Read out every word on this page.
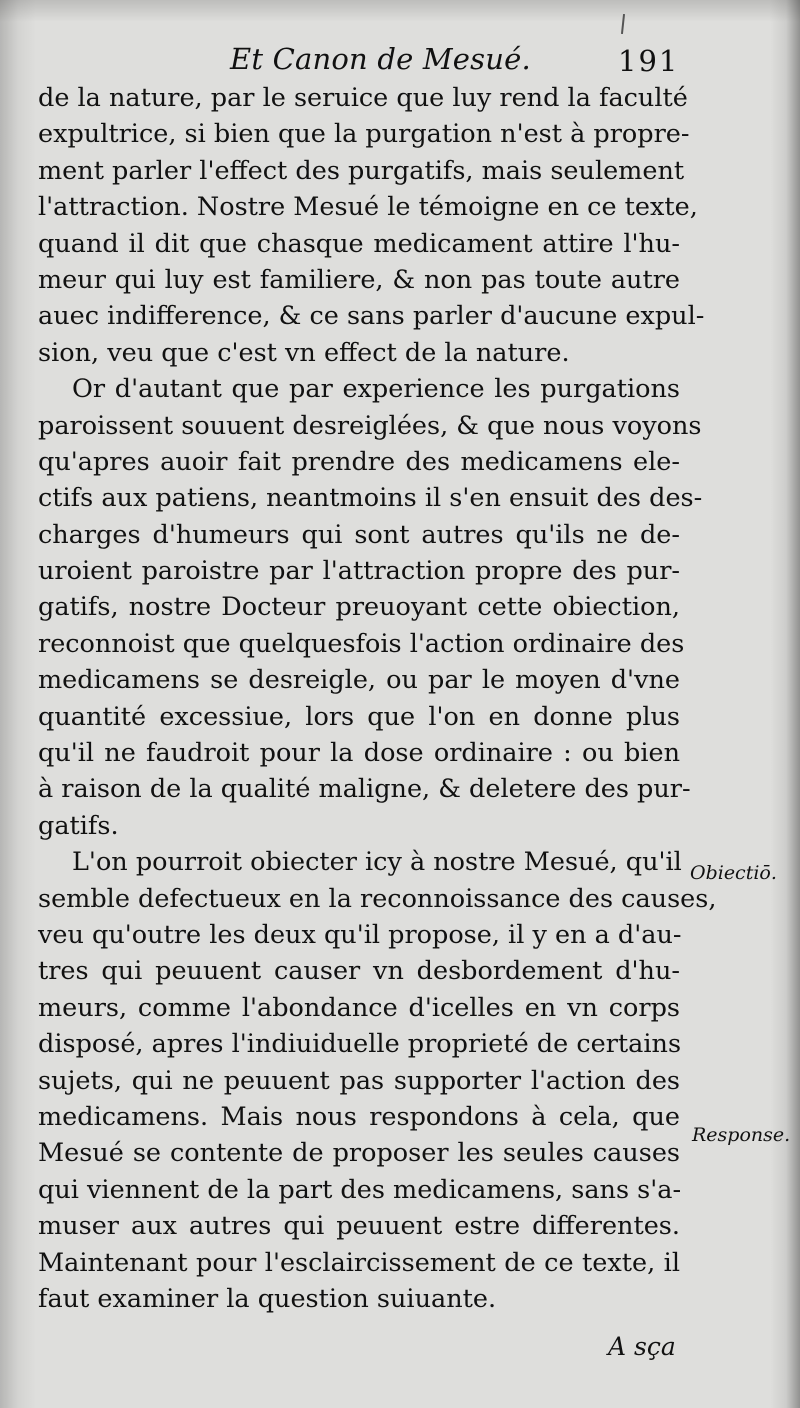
Et Canon de Mesué.	191
de la nature, par le seruice que luy rend la faculté
expultrice, si bien que la purgation n'est à propre-
ment parler l'effect des purgatifs, mais seulement
l'attraction. Nostre Mesué le témoigne en ce texte,
quand il dit que chasque medicament attire l'hu-
meur qui luy est familiere, & non pas toute autre
auec indifference, & ce sans parler d'aucune expul-
sion, veu que c'est vn effect de la nature.
Or d'autant que par experience les purgations
paroissent souuent desreiglées, & que nous voyons
qu'apres auoir fait prendre des medicamens ele-
ctifs aux patiens, neantmoins il s'en ensuit des des-
charges d'humeurs qui sont autres qu'ils ne de-
uroient paroistre par l'attraction propre des pur-
gatifs, nostre Docteur preuoyant cette obiection,
reconnoist que quelquesfois l'action ordinaire des
medicamens se desreigle, ou par le moyen d'vne
quantité excessiue, lors que l'on en donne plus
qu'il ne faudroit pour la dose ordinaire : ou bien
à raison de la qualité maligne, & deletere des pur-
gatifs.
L'on pourroit obiecter icy à nostre Mesué, qu'il
semble defectueux en la reconnoissance des causes,
veu qu'outre les deux qu'il propose, il y en a d'au-
tres qui peuuent causer vn desbordement d'hu-
meurs, comme l'abondance d'icelles en vn corps
disposé, apres l'indiuiduelle proprieté de certains
sujets, qui ne peuuent pas supporter l'action des
medicamens. Mais nous respondons à cela, que
Mesué se contente de proposer les seules causes
qui viennent de la part des medicamens, sans s'a-
muser aux autres qui peuuent estre differentes.
Maintenant pour l'esclaircissement de ce texte, il
faut examiner la question suiuante.
Obiectiō.
Response.
A sça
